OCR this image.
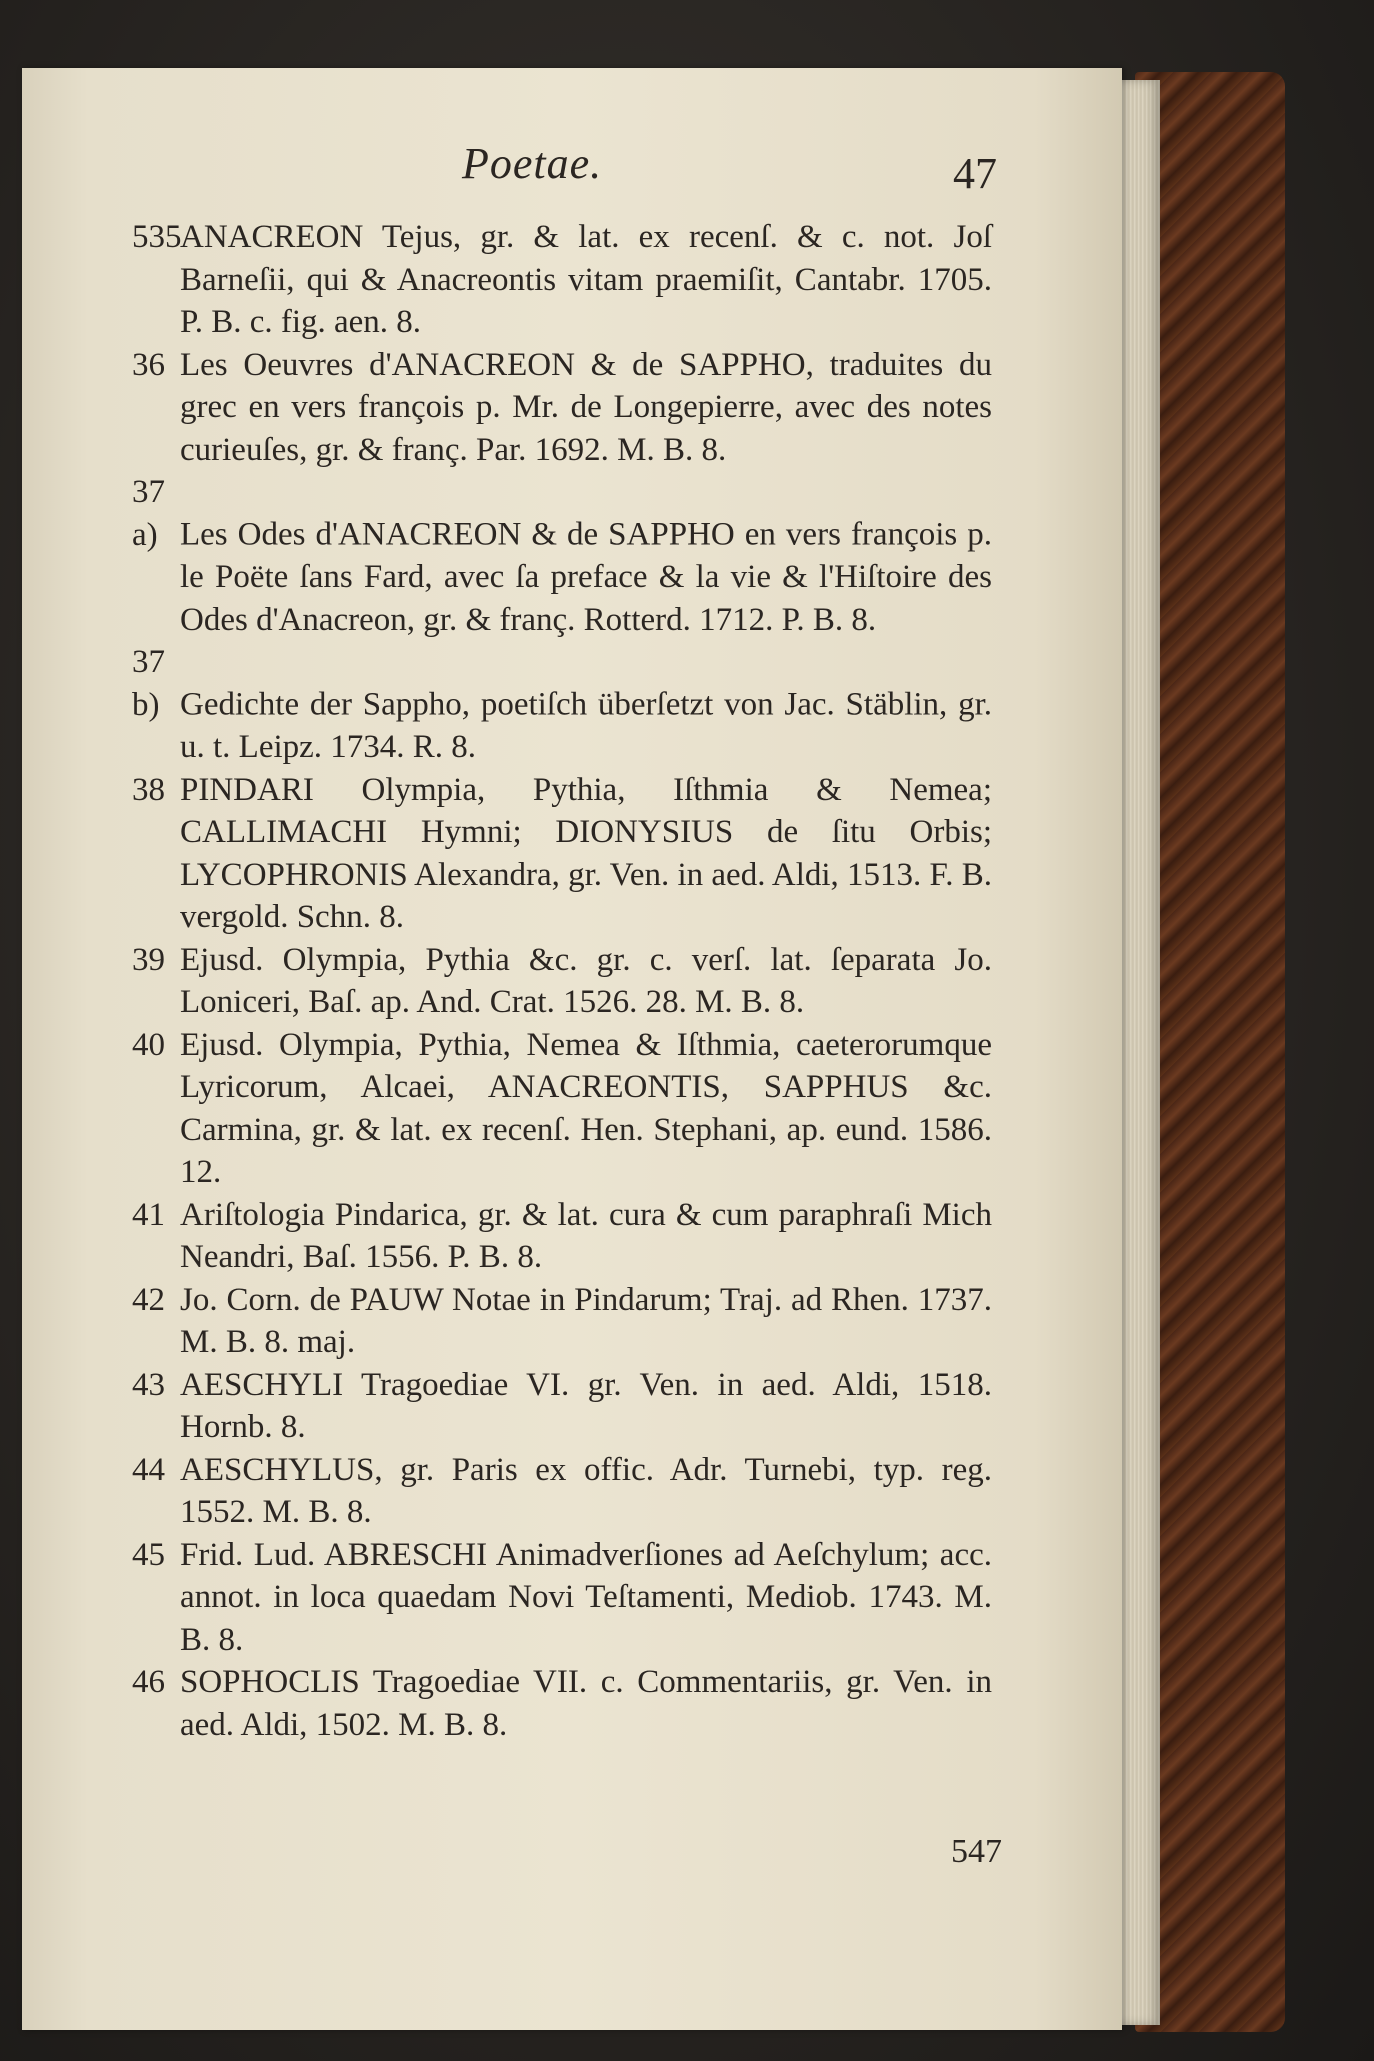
Poetae.	47

535ANACREON Tejus, gr. & lat. ex recenſ. & c. not. Joſ Barneſii, qui & Anacreontis vitam praemiſit, Cantabr. 1705. P. B. c. fig. aen. 8.

36 Les Oeuvres d'ANACREON & de SAPPHO, traduites du grec en vers françois p. Mr. de Longepierre, avec des notes curieuſes, gr. & franç. Par. 1692. M. B. 8.

37 a) Les Odes d'ANACREON & de SAPPHO en vers françois p. le Poëte ſans Fard, avec ſa preface & la vie & l'Hiſtoire des Odes d'Anacreon, gr. & franç. Rotterd. 1712. P. B. 8.

37 b) Gedichte der Sappho, poetiſch überſetzt von Jac. Stäblin, gr. u. t. Leipz. 1734. R. 8.

38 PINDARI Olympia, Pythia, Iſthmia & Nemea; CALLIMACHI Hymni; DIONYSIUS de ſitu Orbis; LYCOPHRONIS Alexandra, gr. Ven. in aed. Aldi, 1513. F. B. vergold. Schn. 8.

39 Ejusd. Olympia, Pythia &c. gr. c. verſ. lat. ſeparata Jo. Loniceri, Baſ. ap. And. Crat. 1526. 28. M. B. 8.

40 Ejusd. Olympia, Pythia, Nemea & Iſthmia, caeterorumque Lyricorum, Alcaei, ANACREONTIS, SAPPHUS &c. Carmina, gr. & lat. ex recenſ. Hen. Stephani, ap. eund. 1586. 12.

41 Ariſtologia Pindarica, gr. & lat. cura & cum paraphraſi Mich Neandri, Baſ. 1556. P. B. 8.

42 Jo. Corn. de PAUW Notae in Pindarum; Traj. ad Rhen. 1737. M. B. 8. maj.

43 AESCHYLI Tragoediae VI. gr. Ven. in aed. Aldi, 1518. Hornb. 8.

44 AESCHYLUS, gr. Paris ex offic. Adr. Turnebi, typ. reg. 1552. M. B. 8.

45 Frid. Lud. ABRESCHI Animadverſiones ad Aeſchylum; acc. annot. in loca quaedam Novi Teſtamenti, Mediob. 1743. M. B. 8.

46 SOPHOCLIS Tragoediae VII. c. Commentariis, gr. Ven. in aed. Aldi, 1502. M. B. 8.

547
